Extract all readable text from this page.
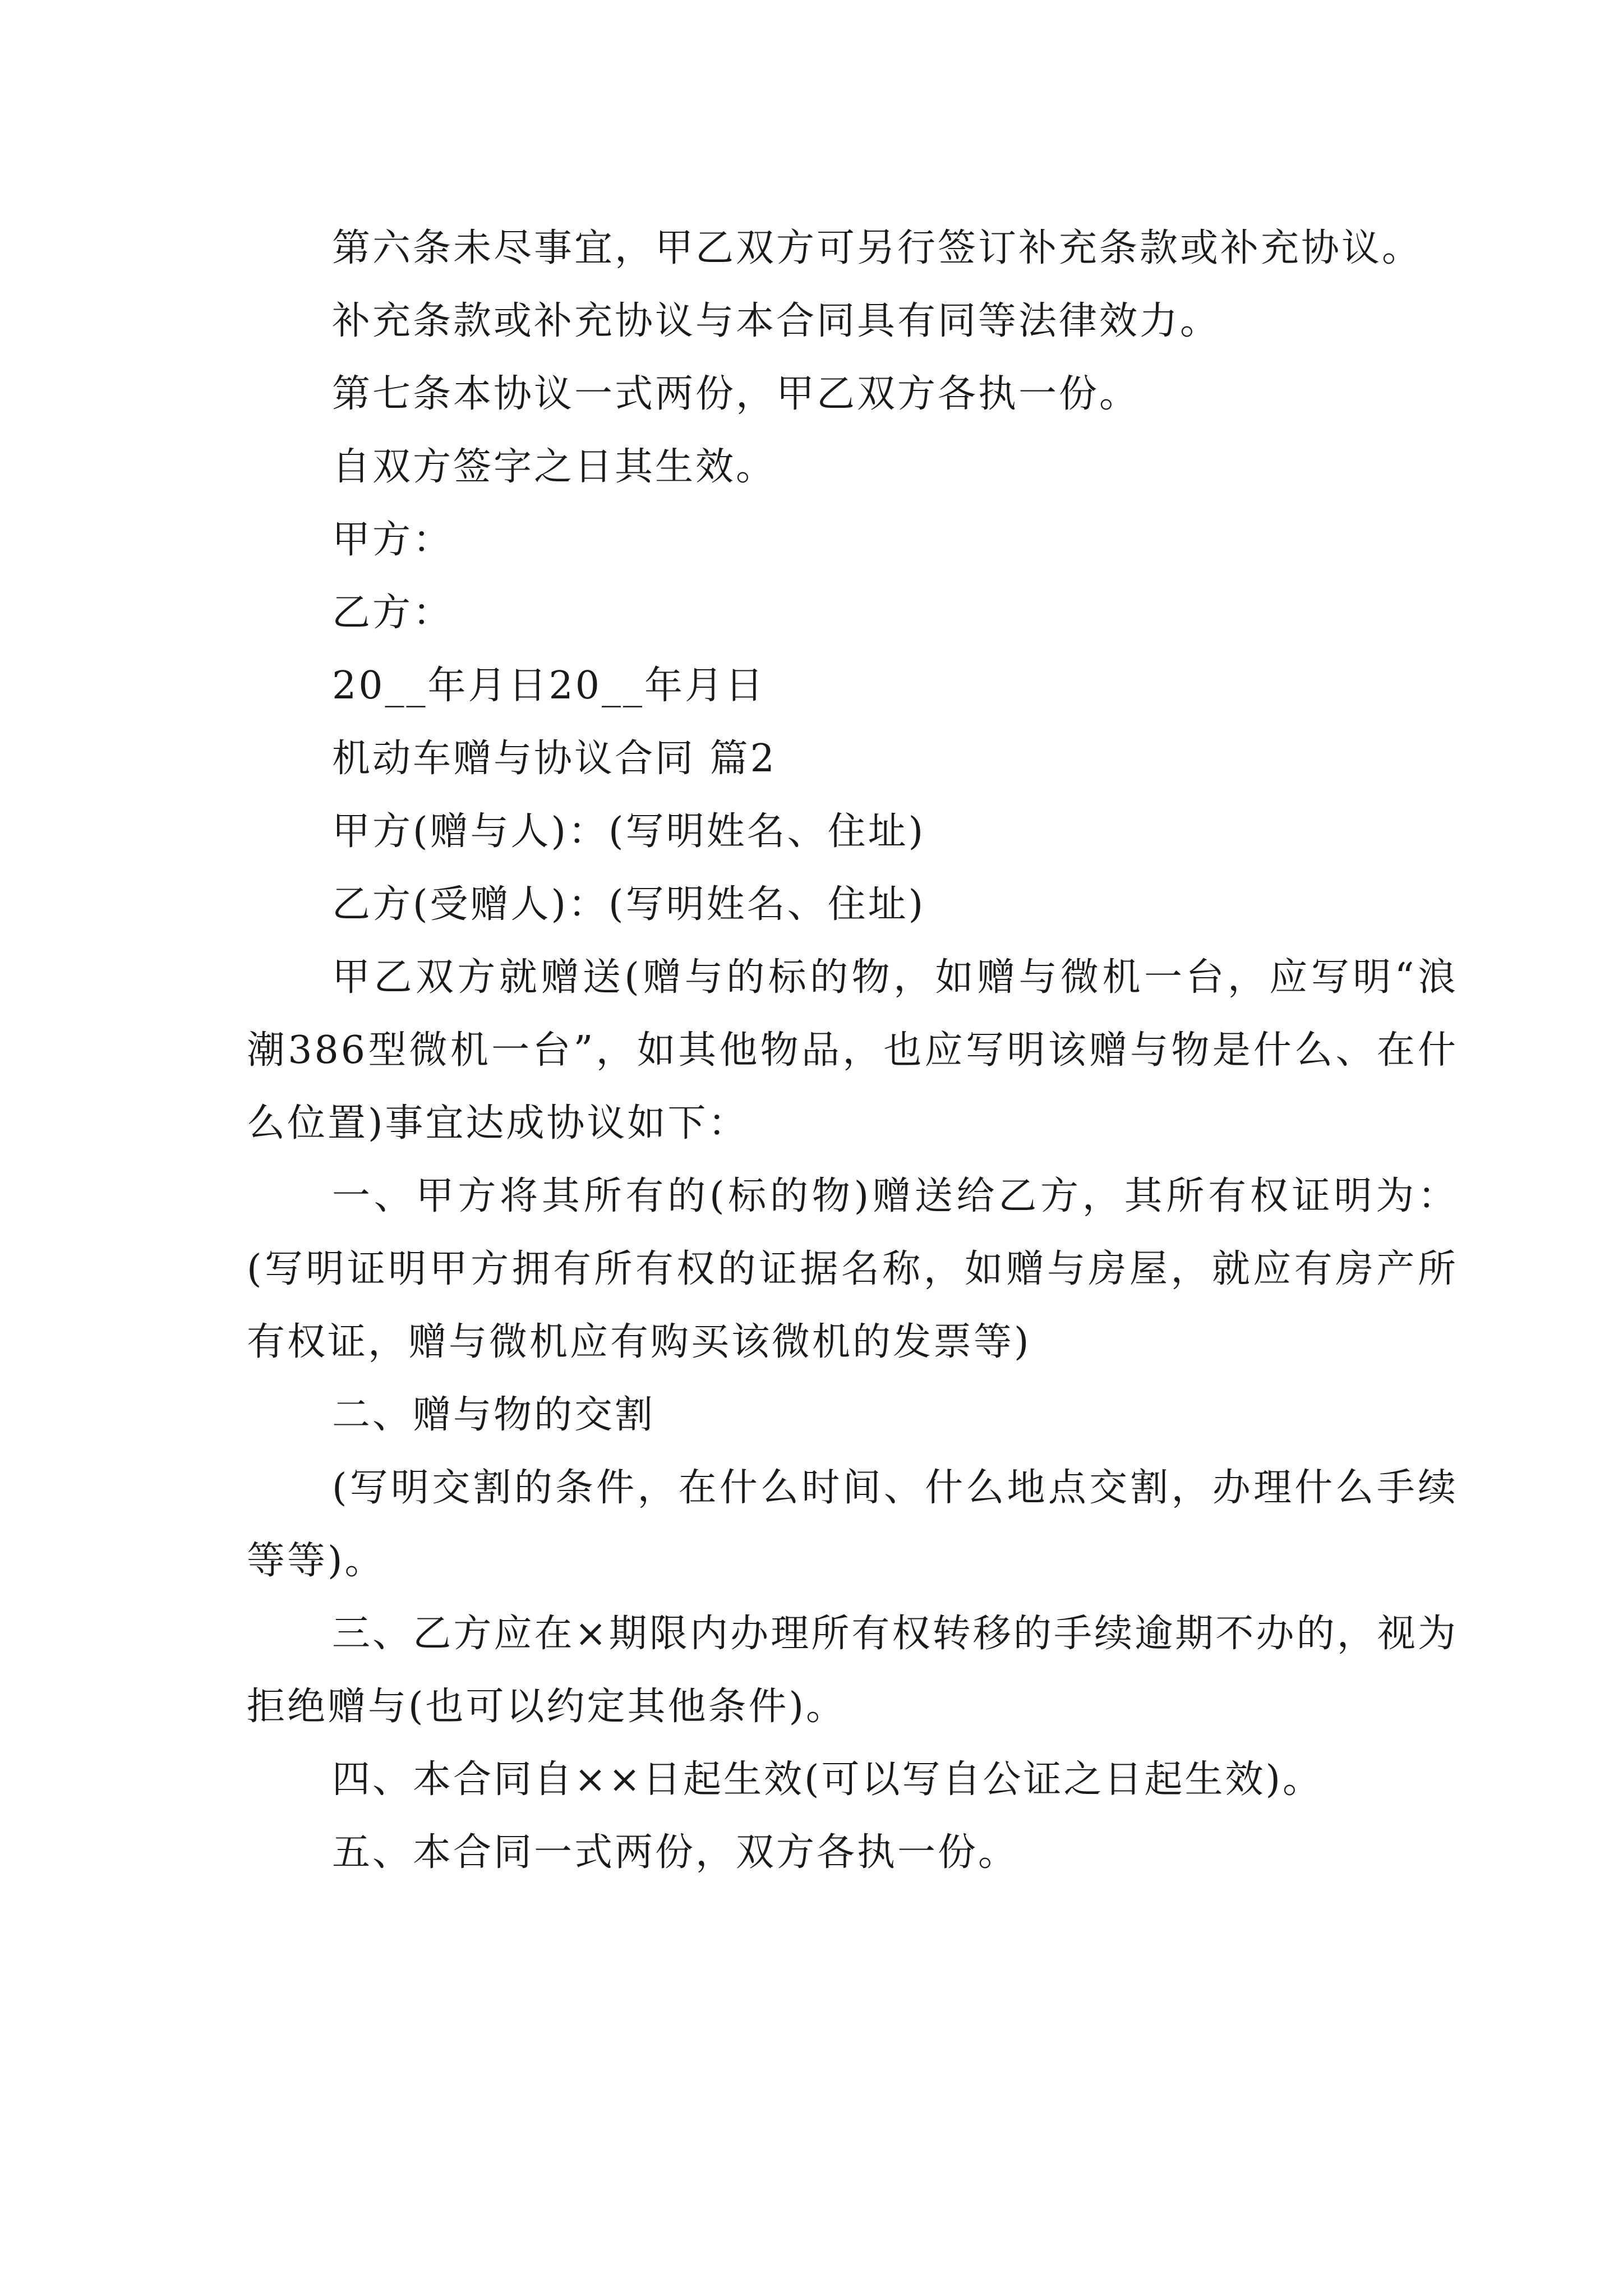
第六条未尽事宜，甲乙双方可另行签订补充条款或补充协议。

补充条款或补充协议与本合同具有同等法律效力。

第七条本协议一式两份，甲乙双方各执一份。

自双方签字之日其生效。

甲方：

乙方：

20__年月日20__年月日

机动车赠与协议合同 篇2

甲方(赠与人)：(写明姓名、住址)

乙方(受赠人)：(写明姓名、住址)

甲乙双方就赠送(赠与的标的物，如赠与微机一台，应写明“浪潮386型微机一台”，如其他物品，也应写明该赠与物是什么、在什么位置)事宜达成协议如下：

一、甲方将其所有的(标的物)赠送给乙方，其所有权证明为：(写明证明甲方拥有所有权的证据名称，如赠与房屋，就应有房产所有权证，赠与微机应有购买该微机的发票等)

二、赠与物的交割

(写明交割的条件，在什么时间、什么地点交割，办理什么手续等等)。

三、乙方应在×期限内办理所有权转移的手续逾期不办的，视为拒绝赠与(也可以约定其他条件)。

四、本合同自××日起生效(可以写自公证之日起生效)。

五、本合同一式两份，双方各执一份。
